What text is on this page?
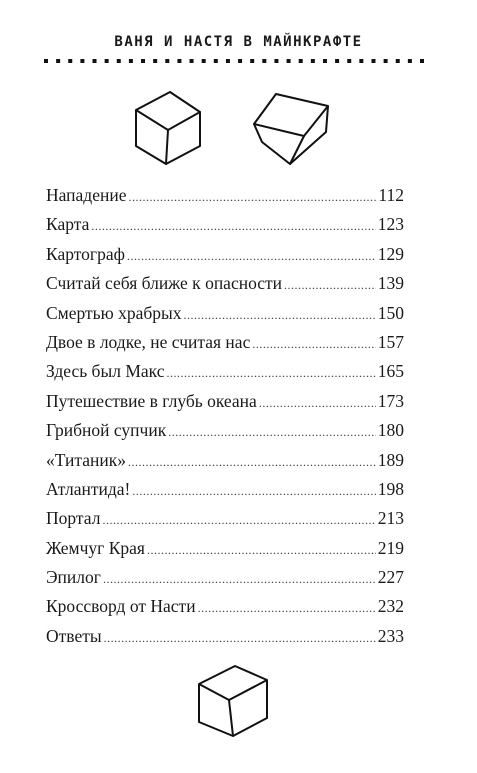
ВАНЯ И НАСТЯ В МАЙНКРАФТЕ
Нападение .....	112
Карта .....	123
Картограф .....	129
Считай себя ближе к опасности .....	139
Смертью храбрых .....	150
Двое в лодке, не считая нас .....	157
Здесь был Макс .....	165
Путешествие в глубь океана .....	173
Грибной супчик .....	180
«Титаник» .....	189
Атлантида! .....	198
Портал .....	213
Жемчуг Края .....	219
Эпилог .....	227
Кроссворд от Насти .....	232
Ответы .....	233
